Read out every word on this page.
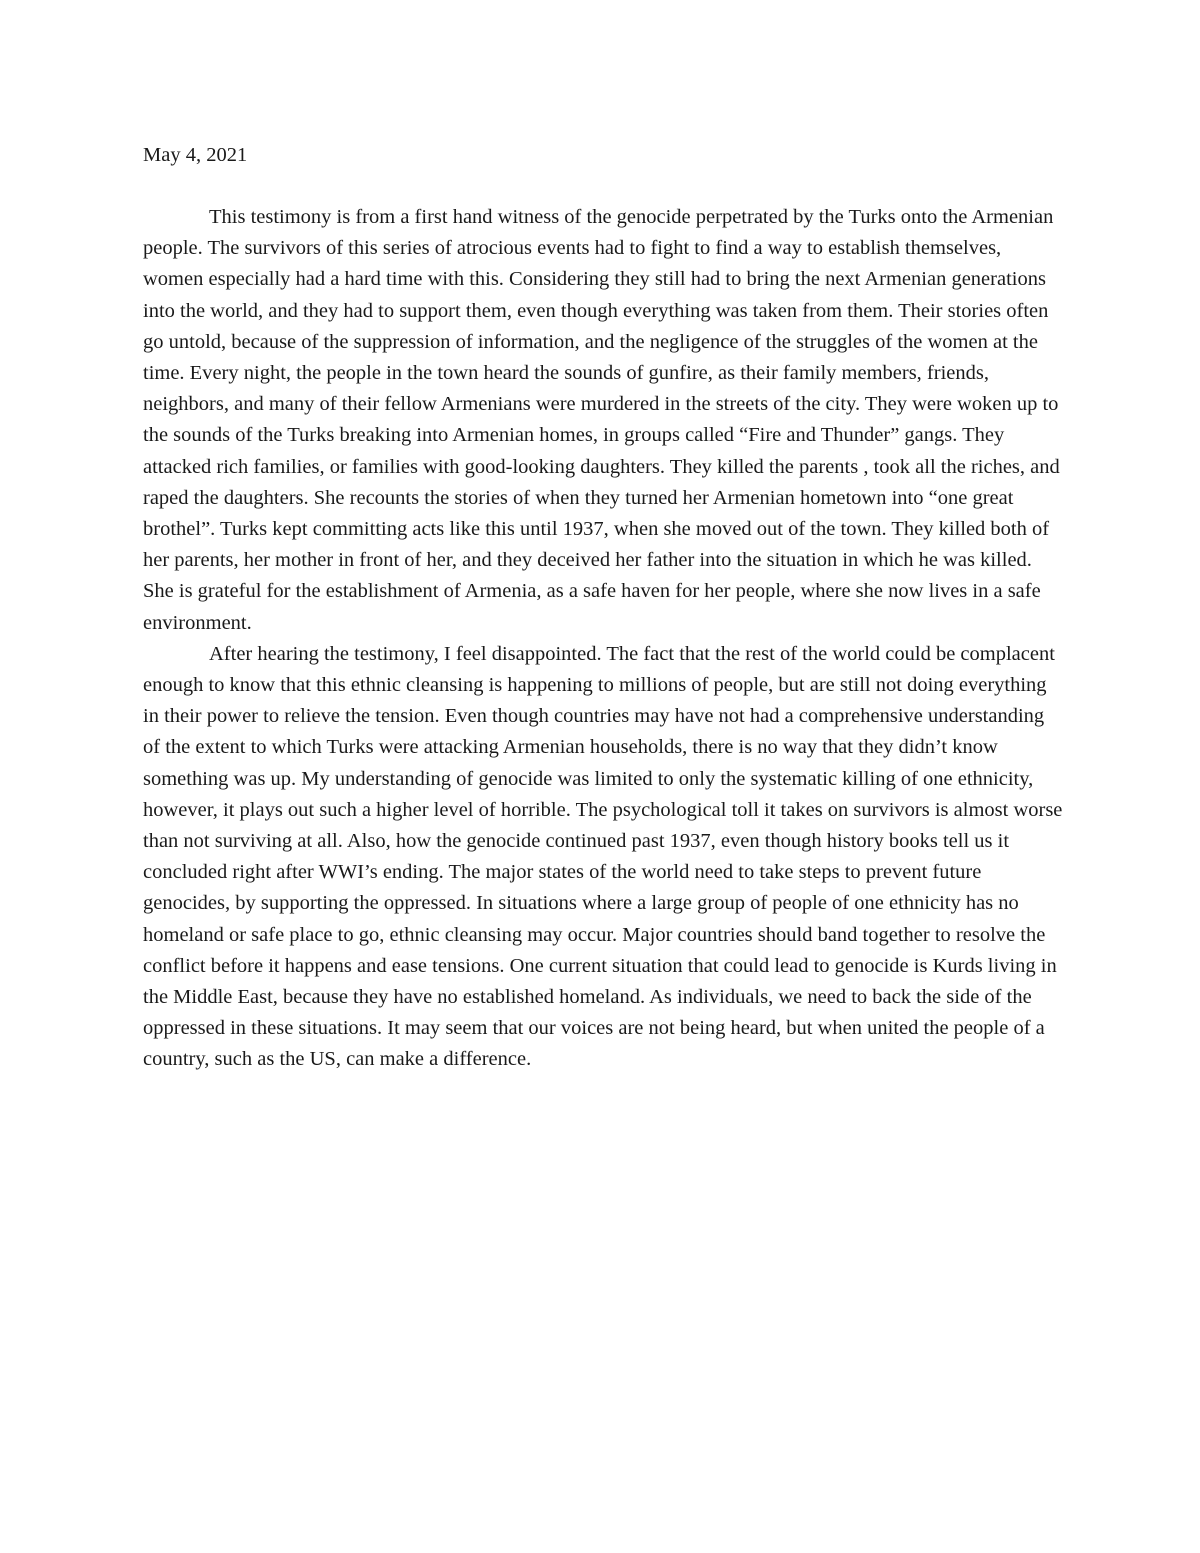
May 4, 2021

This testimony is from a first hand witness of the genocide perpetrated by the Turks onto the Armenian people. The survivors of this series of atrocious events had to fight to find a way to establish themselves, women especially had a hard time with this. Considering they still had to bring the next Armenian generations into the world, and they had to support them, even though everything was taken from them. Their stories often go untold, because of the suppression of information, and the negligence of the struggles of the women at the time. Every night, the people in the town heard the sounds of gunfire, as their family members, friends, neighbors, and many of their fellow Armenians were murdered in the streets of the city. They were woken up to the sounds of the Turks breaking into Armenian homes, in groups called “Fire and Thunder” gangs. They attacked rich families, or families with good-looking daughters. They killed the parents , took all the riches, and raped the daughters. She recounts the stories of when they turned her Armenian hometown into “one great brothel”. Turks kept committing acts like this until 1937, when she moved out of the town. They killed both of her parents, her mother in front of her, and they deceived her father into the situation in which he was killed. She is grateful for the establishment of Armenia, as a safe haven for her people, where she now lives in a safe environment.

After hearing the testimony, I feel disappointed. The fact that the rest of the world could be complacent enough to know that this ethnic cleansing is happening to millions of people, but are still not doing everything in their power to relieve the tension. Even though countries may have not had a comprehensive understanding of the extent to which Turks were attacking Armenian households, there is no way that they didn’t know something was up. My understanding of genocide was limited to only the systematic killing of one ethnicity, however, it plays out such a higher level of horrible. The psychological toll it takes on survivors is almost worse than not surviving at all. Also, how the genocide continued past 1937, even though history books tell us it concluded right after WWI’s ending. The major states of the world need to take steps to prevent future genocides, by supporting the oppressed. In situations where a large group of people of one ethnicity has no homeland or safe place to go, ethnic cleansing may occur. Major countries should band together to resolve the conflict before it happens and ease tensions. One current situation that could lead to genocide is Kurds living in the Middle East, because they have no established homeland. As individuals, we need to back the side of the oppressed in these situations. It may seem that our voices are not being heard, but when united the people of a country, such as the US, can make a difference.
